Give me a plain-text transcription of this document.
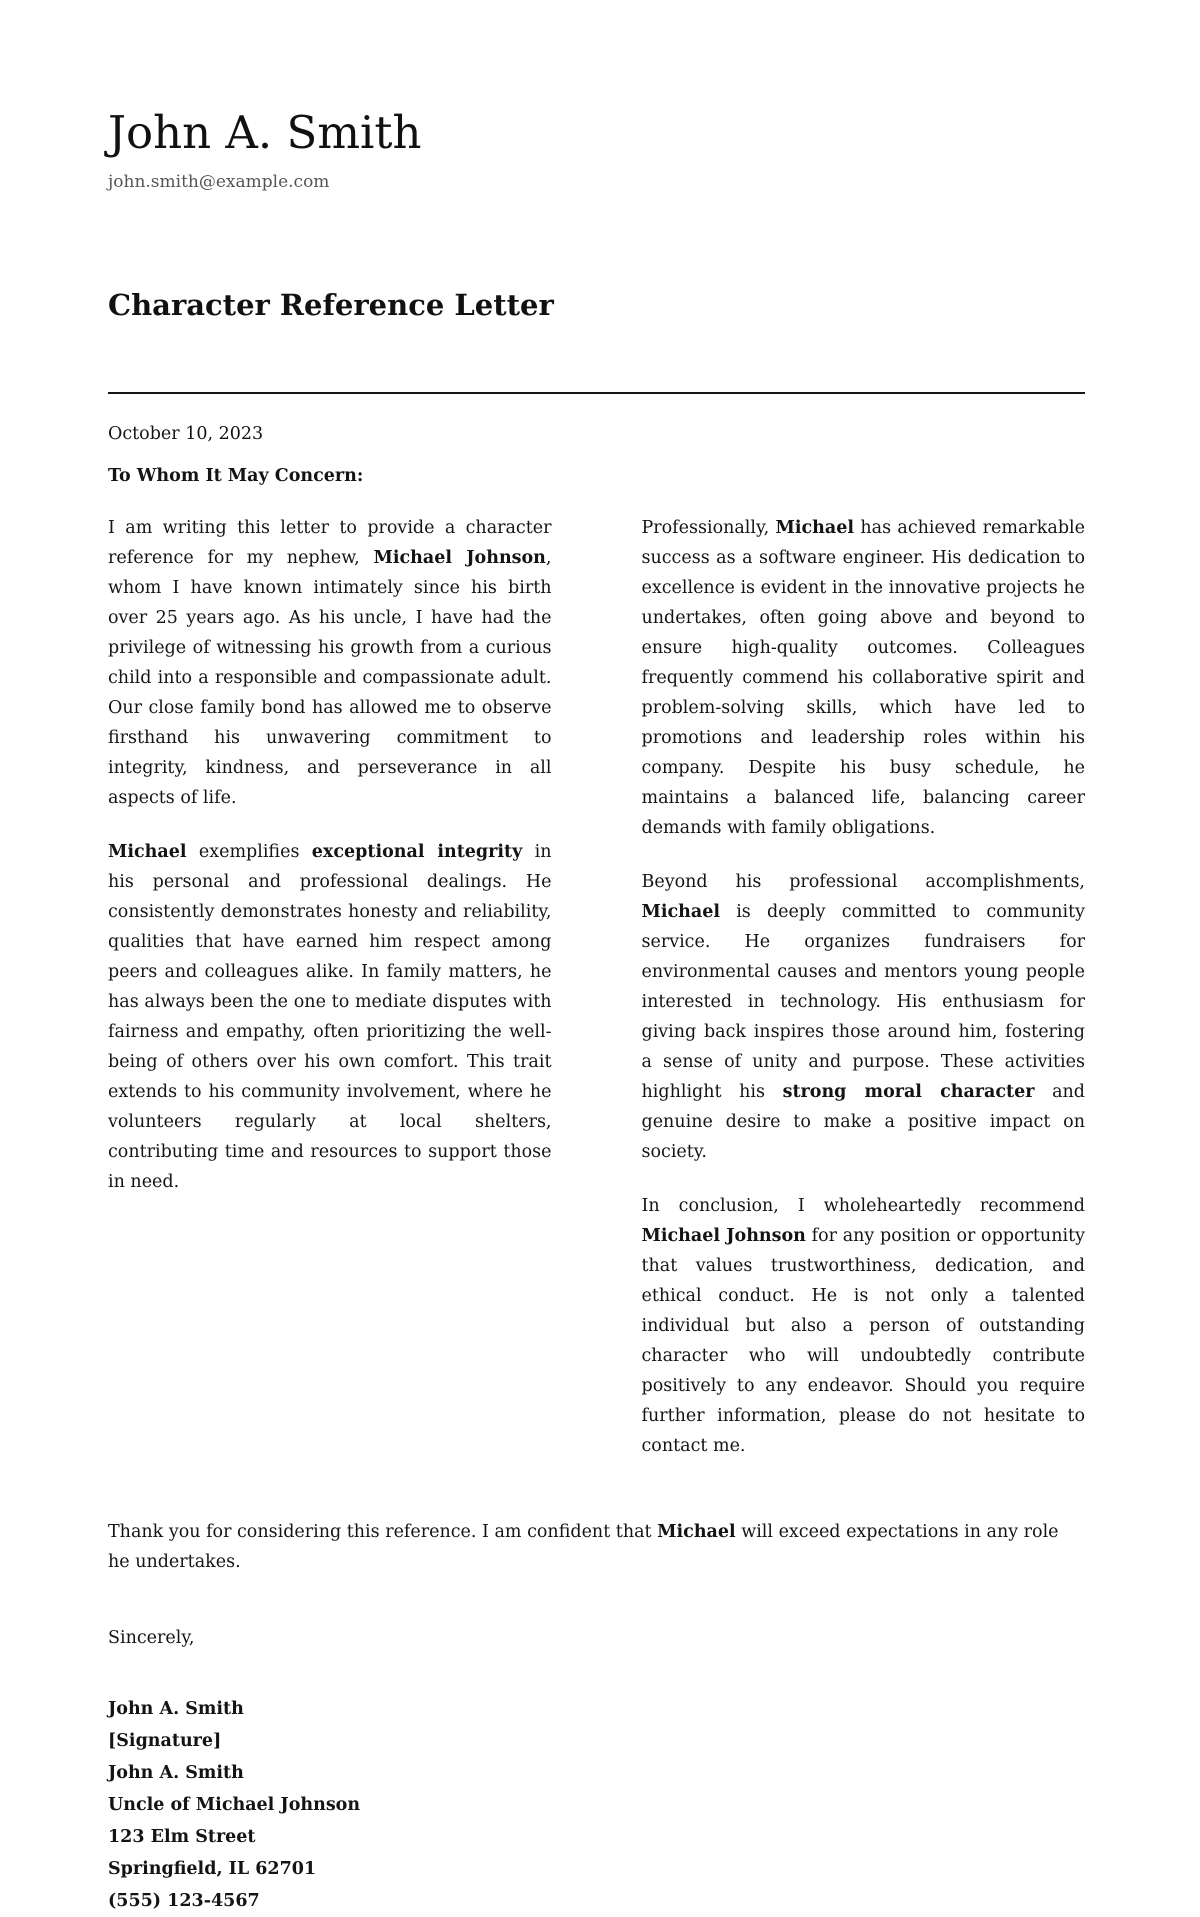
John A. Smith
john.smith@example.com
Character Reference Letter
October 10, 2023
To Whom It May Concern:

I am writing this letter to provide a character reference for my nephew, Michael Johnson, whom I have known intimately since his birth over 25 years ago. As his uncle, I have had the privilege of witnessing his growth from a curious child into a responsible and compassionate adult. Our close family bond has allowed me to observe firsthand his unwavering commitment to integrity, kindness, and perseverance in all aspects of life.

Michael exemplifies exceptional integrity in his personal and professional dealings. He consistently demonstrates honesty and reliability, qualities that have earned him respect among peers and colleagues alike. In family matters, he has always been the one to mediate disputes with fairness and empathy, often prioritizing the well-being of others over his own comfort. This trait extends to his community involvement, where he volunteers regularly at local shelters, contributing time and resources to support those in need.

Professionally, Michael has achieved remarkable success as a software engineer. His dedication to excellence is evident in the innovative projects he undertakes, often going above and beyond to ensure high-quality outcomes. Colleagues frequently commend his collaborative spirit and problem-solving skills, which have led to promotions and leadership roles within his company. Despite his busy schedule, he maintains a balanced life, balancing career demands with family obligations.

Beyond his professional accomplishments, Michael is deeply committed to community service. He organizes fundraisers for environmental causes and mentors young people interested in technology. His enthusiasm for giving back inspires those around him, fostering a sense of unity and purpose. These activities highlight his strong moral character and genuine desire to make a positive impact on society.

In conclusion, I wholeheartedly recommend Michael Johnson for any position or opportunity that values trustworthiness, dedication, and ethical conduct. He is not only a talented individual but also a person of outstanding character who will undoubtedly contribute positively to any endeavor. Should you require further information, please do not hesitate to contact me.

Thank you for considering this reference. I am confident that Michael will exceed expectations in any role he undertakes.
Sincerely,
John A. Smith
[Signature]
John A. Smith
Uncle of Michael Johnson
123 Elm Street
Springfield, IL 62701
(555) 123-4567
